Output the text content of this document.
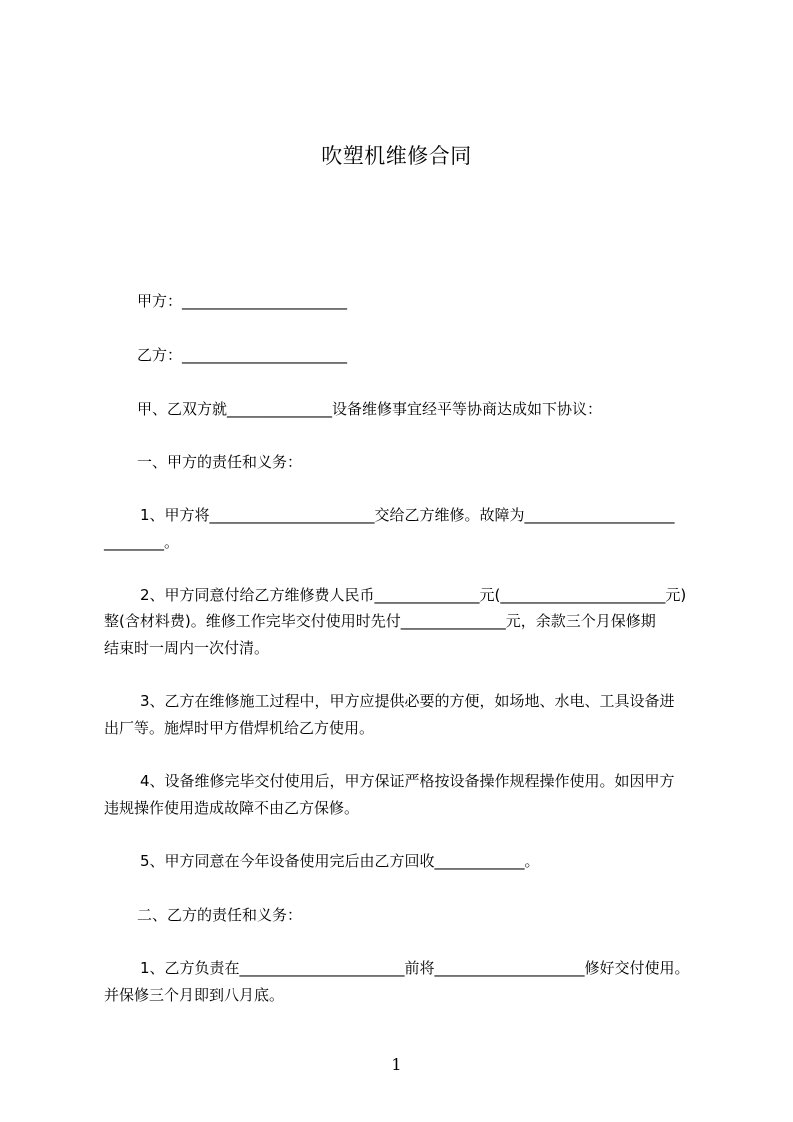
吹塑机维修合同
甲方：______________________
乙方：______________________
甲、乙双方就______________设备维修事宜经平等协商达成如下协议：
一、甲方的责任和义务：
1、甲方将______________________交给乙方维修。故障为____________________
________。
2、甲方同意付给乙方维修费人民币______________元(______________________元)
整(含材料费)。维修工作完毕交付使用时先付______________元，余款三个月保修期
结束时一周内一次付清。
3、乙方在维修施工过程中，甲方应提供必要的方便，如场地、水电、工具设备进
出厂等。施焊时甲方借焊机给乙方使用。
4、设备维修完毕交付使用后，甲方保证严格按设备操作规程操作使用。如因甲方
违规操作使用造成故障不由乙方保修。
5、甲方同意在今年设备使用完后由乙方回收____________。
二、乙方的责任和义务：
1、乙方负责在______________________前将____________________修好交付使用。
并保修三个月即到八月底。
1
